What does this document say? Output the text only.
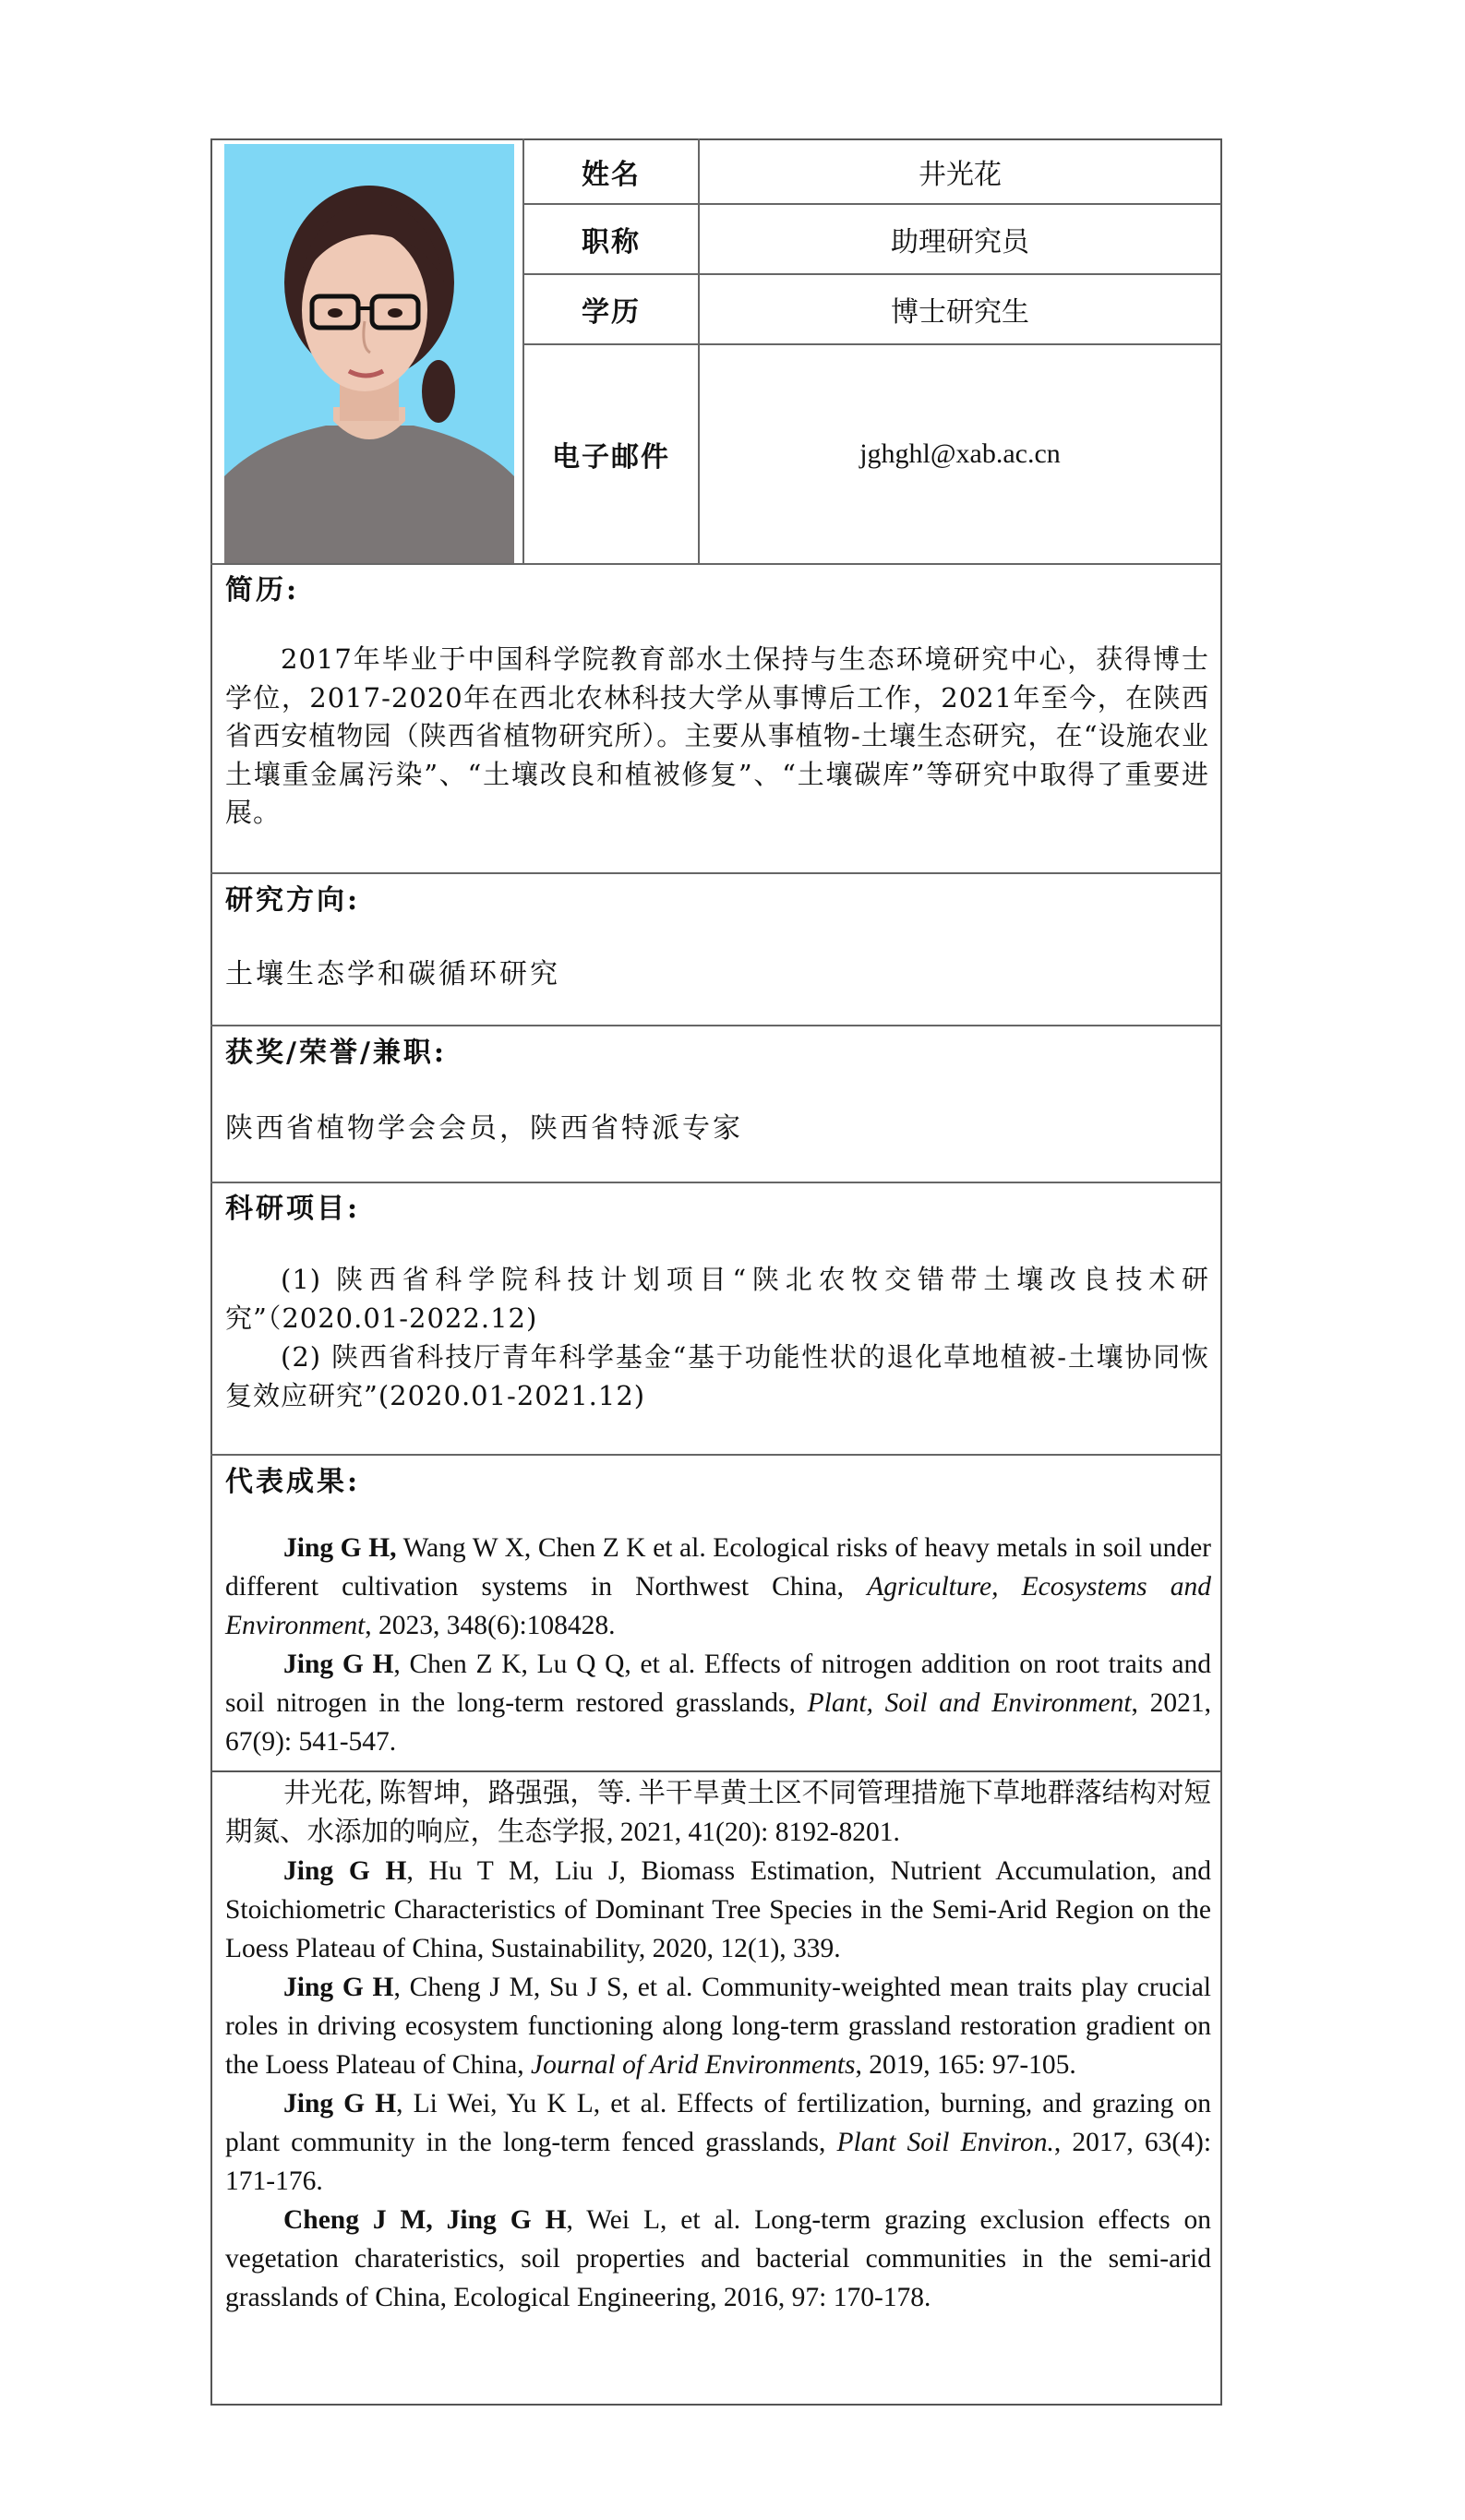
姓名	井光花
职称	助理研究员
学历	博士研究生
电子邮件	jghghl@xab.ac.cn
简历:
2017年毕业于中国科学院教育部水土保持与生态环境研究中心，获得博士学位，2017-2020年在西北农林科技大学从事博后工作，2021年至今，在陕西省西安植物园（陕西省植物研究所）。主要从事植物-土壤生态研究，在“设施农业土壤重金属污染”、“土壤改良和植被修复”、“土壤碳库”等研究中取得了重要进展。
研究方向:
土壤生态学和碳循环研究
获奖/荣誉/兼职:
陕西省植物学会会员，陕西省特派专家
科研项目:
(1) 陕西省科学院科技计划项目“陕北农牧交错带土壤改良技术研究”（2020.01-2022.12)
(2) 陕西省科技厅青年科学基金“基于功能性状的退化草地植被-土壤协同恢复效应研究”(2020.01-2021.12)
代表成果:

Jing G H, Wang W X, Chen Z K et al. Ecological risks of heavy metals in soil under different cultivation systems in Northwest China, Agriculture, Ecosystems and Environment, 2023, 348(6):108428.

Jing G H, Chen Z K, Lu Q Q, et al. Effects of nitrogen addition on root traits and soil nitrogen in the long-term restored grasslands, Plant, Soil and Environment, 2021, 67(9): 541-547.

井光花, 陈智坤，路强强，等. 半干旱黄土区不同管理措施下草地群落结构对短期氮、水添加的响应，生态学报, 2021, 41(20): 8192-8201.

Jing G H, Hu T M, Liu J, Biomass Estimation, Nutrient Accumulation, and Stoichiometric Characteristics of Dominant Tree Species in the Semi-Arid Region on the Loess Plateau of China, Sustainability, 2020, 12(1), 339.

Jing G H, Cheng J M, Su J S, et al. Community-weighted mean traits play crucial roles in driving ecosystem functioning along long-term grassland restoration gradient on the Loess Plateau of China, Journal of Arid Environments, 2019, 165: 97-105.

Jing G H, Li Wei, Yu K L, et al. Effects of fertilization, burning, and grazing on plant community in the long-term fenced grasslands, Plant Soil Environ., 2017, 63(4): 171-176.

Cheng J M, Jing G H, Wei L, et al. Long-term grazing exclusion effects on vegetation charateristics, soil properties and bacterial communities in the semi-arid grasslands of China, Ecological Engineering, 2016, 97: 170-178.
